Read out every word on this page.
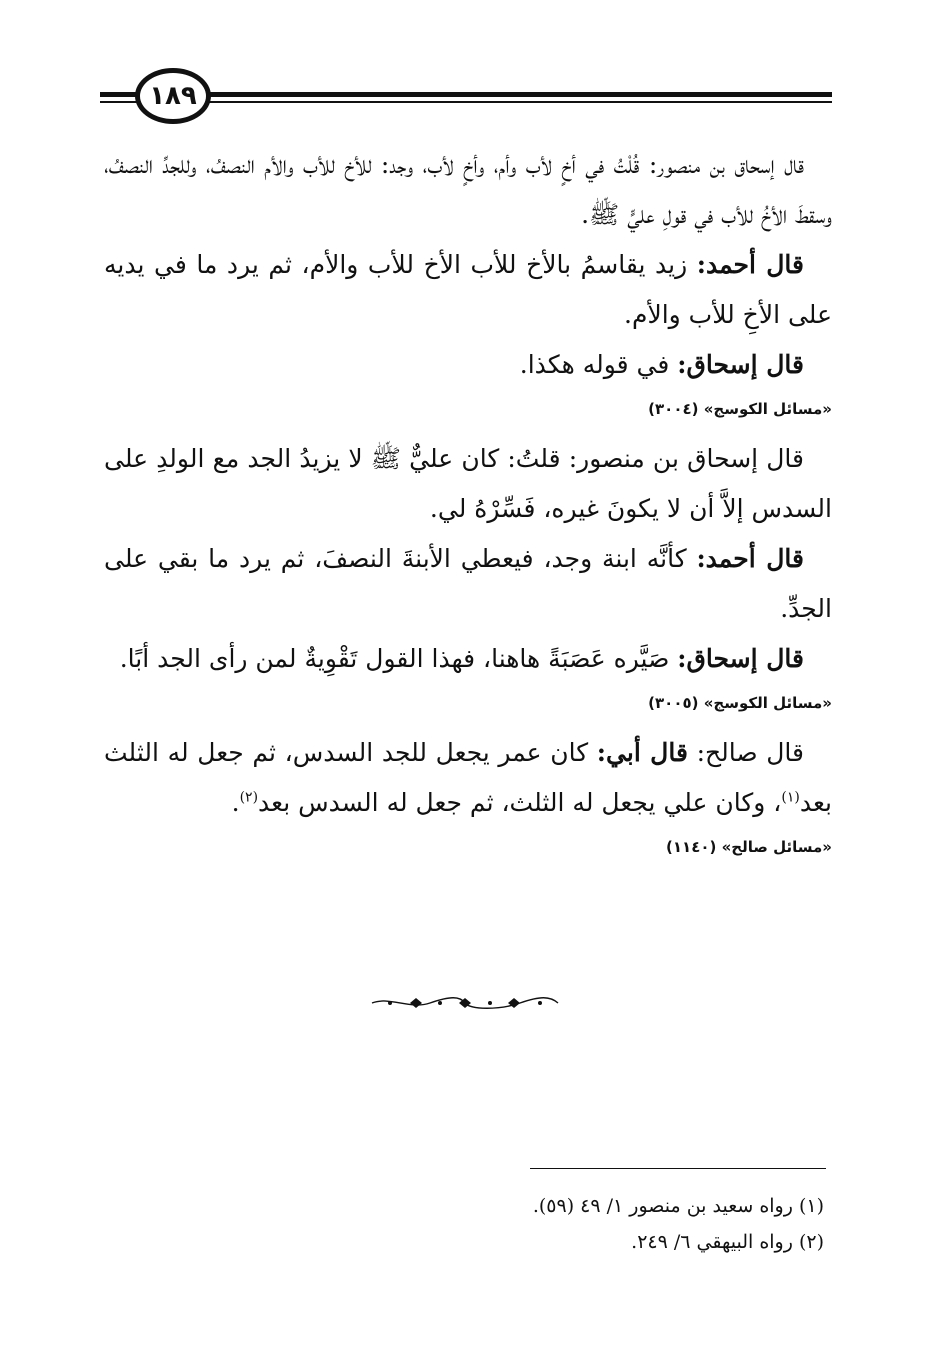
١٨٩

قال إسحاق بن منصور: قُلْتُ في أخٍ لأب وأم، وأخٍ لأب، وجد: للأخ للأب والأم النصفُ، وللجدِّ النصفُ، وسقطَ الأخُ للأب في قولِ عليٍّ ﷺ.

قال أحمد: زيد يقاسمُ بالأخ للأب الأخ للأب والأم، ثم يرد ما في يديه على الأخِ للأب والأم.

قال إسحاق: في قوله هكذا.

«مسائل الكوسج» (٣٠٠٤)

قال إسحاق بن منصور: قلتُ: كان عليٌّ ﷺ لا يزيدُ الجد مع الولدِ على السدس إلاَّ أن لا يكونَ غيره، فَسِّرْهُ لي.

قال أحمد: كأنَّه ابنة وجد، فيعطي الأبنةَ النصفَ، ثم يرد ما بقي على الجدِّ.

قال إسحاق: صَيَّره عَصَبَةً هاهنا، فهذا القول تَقْوِيةٌ لمن رأى الجد أبًا.

«مسائل الكوسج» (٣٠٠٥)

قال صالح: قال أبي: كان عمر يجعل للجد السدس، ثم جعل له الثلث بعد$^{(١)}$، وكان علي يجعل له الثلث، ثم جعل له السدس بعد$^{(٢)}$.

«مسائل صالح» (١١٤٠)

(١) رواه سعيد بن منصور ١/ ٤٩ (٥٩).

(٢) رواه البيهقي ٦/ ٢٤٩.
